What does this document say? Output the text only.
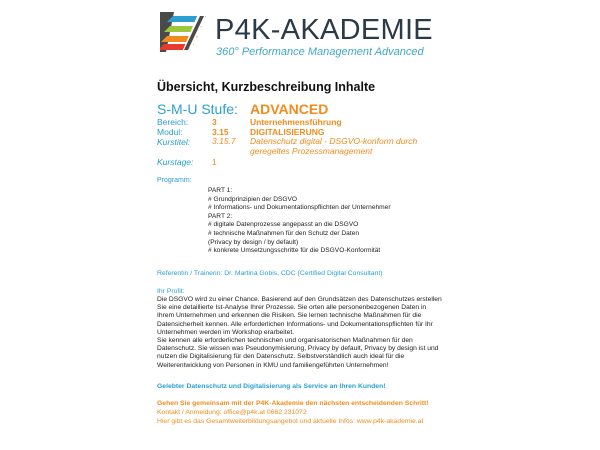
P4K-AKADEMIE
360° Performance Management Advanced
Übersicht, Kurzbeschreibung Inhalte
S-M-U Stufe: ADVANCED
Bereich:	3	Unternehmensführung
Modul:	3.15	DIGITALISIERUNG
Kurstitel:	3.15.7	Datenschutz digital - DSGVO-konform durch geregeltes Prozessmanagement
Kurstage: 1
Programm:
PART 1:
# Grundprinzipien der DSGVO
# Informations- und Dokumentationspflichten der Unternehmer
PART 2:
# digitale Datenprozesse angepasst an die DSGVO
# technische Maßnahmen für den Schutz der Daten
(Privacy by design / by default)
# konkrete Umsetzungsschritte für die DSGVO-Konformität
Referentin / Trainerin: Dr. Martina Gobis, CDC (Certified Digital Consultant)
Ihr Profit:
Die DSGVO wird zu einer Chance. Basierend auf den Grundsätzen des Datenschutzes erstellen Sie eine detaillierte Ist-Analyse Ihrer Prozesse. Sie orten alle personenbezogenen Daten in Ihrem Unternehmen und erkennen die Risiken. Sie lernen technische Maßnahmen für die Datensicherheit kennen. Alle erforderlichen Informations- und Dokumentationspflichten für Ihr Unternehmen werden im Workshop erarbeitet.
Sie kennen alle erforderlichen technischen und organisatorischen Maßnahmen für den Datenschutz. Sie wissen was Pseudonymisierung, Privacy by default, Privacy by design ist und nutzen die Digitalisierung für den Datenschutz. Selbstverständlich auch ideal für die Weiterentwicklung von Personen in KMU und familiengeführten Unternehmen!
Gelebter Datenschutz und Digitalisierung als Service an Ihren Kunden!
Gehen Sie gemeinsam mit der P4K-Akademie den nächsten entscheidenden Schritt!
Kontakt / Anmeldung: office@p4k.at 0662 231072
Hier gibt es das Gesamtweiterbildungsangebot und aktuelle Infos: www.p4k-akademie.at
